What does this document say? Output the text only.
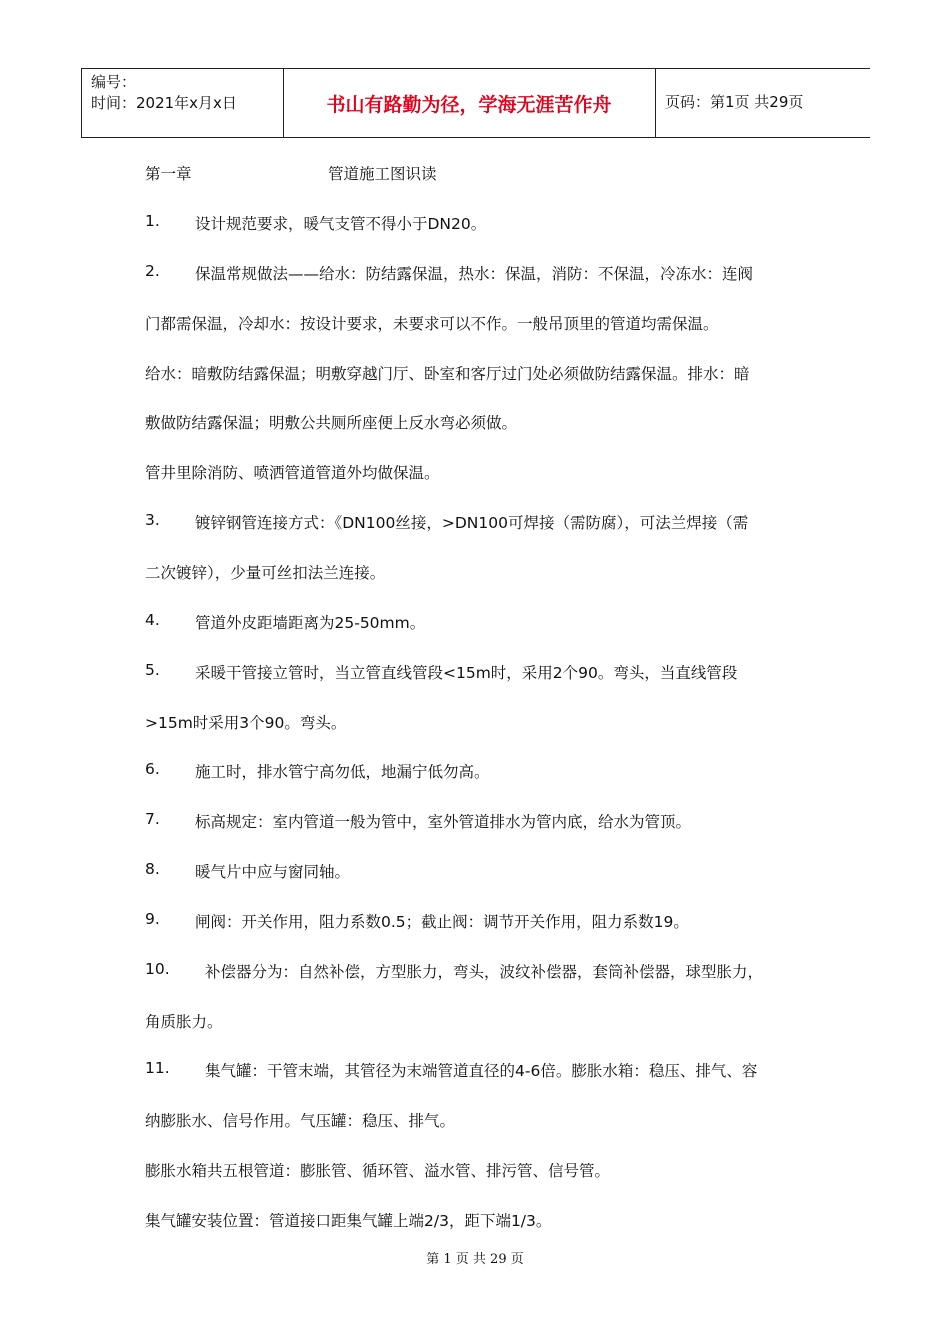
编号：
时间：2021年x月x日	书山有路勤为径，学海无涯苦作舟	页码：第1页 共29页
第一章	管道施工图识读
1. 设计规范要求，暖气支管不得小于DN20。
2. 保温常规做法——给水：防结露保温，热水：保温，消防：不保温，冷冻水：连阀
门都需保温，冷却水：按设计要求，未要求可以不作。一般吊顶里的管道均需保温。
给水：暗敷防结露保温；明敷穿越门厅、卧室和客厅过门处必须做防结露保温。排水：暗
敷做防结露保温；明敷公共厕所座便上反水弯必须做。
管井里除消防、喷洒管道管道外均做保温。
3. 镀锌钢管连接方式：《DN100丝接，>DN100可焊接（需防腐），可法兰焊接（需
二次镀锌），少量可丝扣法兰连接。
4. 管道外皮距墙距离为25-50mm。
5. 采暖干管接立管时，当立管直线管段<15m时，采用2个90。弯头，当直线管段
>15m时采用3个90。弯头。
6. 施工时，排水管宁高勿低，地漏宁低勿高。
7. 标高规定：室内管道一般为管中，室外管道排水为管内底，给水为管顶。
8. 暖气片中应与窗同轴。
9. 闸阀：开关作用，阻力系数0.5；截止阀：调节开关作用，阻力系数19。
10. 补偿器分为：自然补偿，方型胀力，弯头，波纹补偿器，套筒补偿器，球型胀力，
角质胀力。
11. 集气罐：干管末端，其管径为末端管道直径的4-6倍。膨胀水箱：稳压、排气、容
纳膨胀水、信号作用。气压罐：稳压、排气。
膨胀水箱共五根管道：膨胀管、循环管、溢水管、排污管、信号管。
集气罐安装位置：管道接口距集气罐上端2/3，距下端1/3。
第 1 页 共 29 页
